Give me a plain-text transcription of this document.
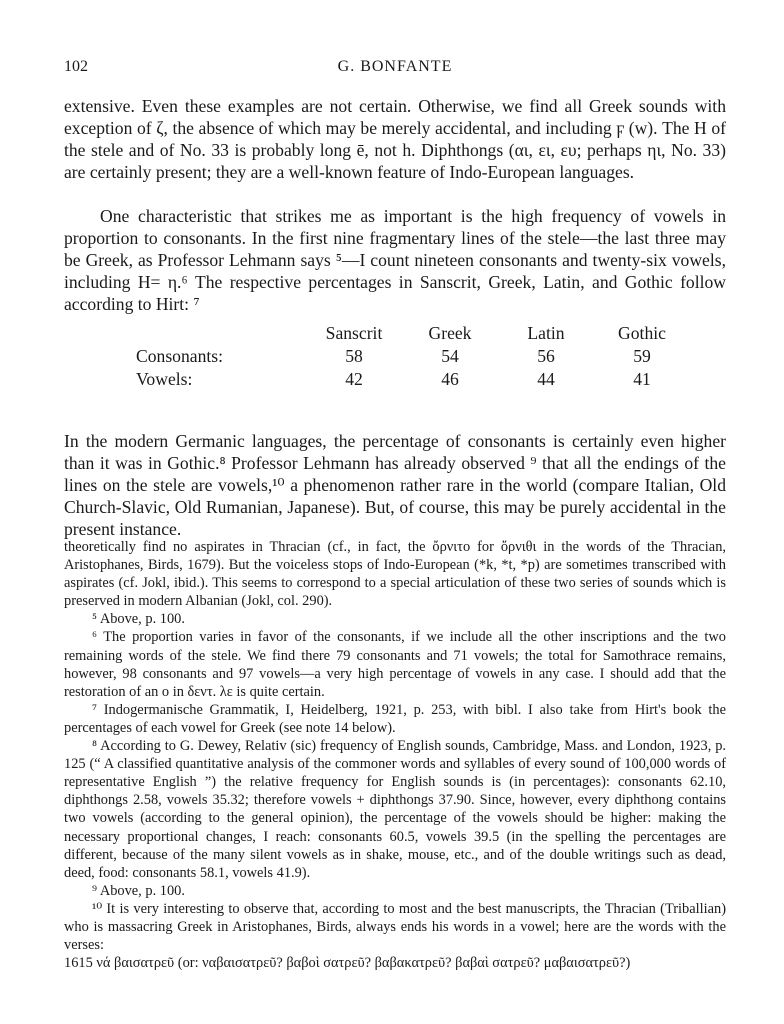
102	G. BONFANTE
extensive. Even these examples are not certain. Otherwise, we find all Greek sounds with exception of ζ, the absence of which may be merely accidental, and including ϝ (w). The H of the stele and of No. 33 is probably long ē, not h. Diphthongs (αι, ει, ευ; perhaps ηι, No. 33) are certainly present; they are a well-known feature of Indo-European languages.
One characteristic that strikes me as important is the high frequency of vowels in proportion to consonants. In the first nine fragmentary lines of the stele—the last three may be Greek, as Professor Lehmann says ⁵—I count nineteen consonants and twenty-six vowels, including H= η.⁶ The respective percentages in Sanscrit, Greek, Latin, and Gothic follow according to Hirt: ⁷
	Sanscrit	Greek	Latin	Gothic
Consonants:	58	54	56	59
Vowels:	42	46	44	41
In the modern Germanic languages, the percentage of consonants is certainly even higher than it was in Gothic.⁸ Professor Lehmann has already observed ⁹ that all the endings of the lines on the stele are vowels,¹⁰ a phenomenon rather rare in the world (compare Italian, Old Church-Slavic, Old Rumanian, Japanese). But, of course, this may be purely accidental in the present instance.

theoretically find no aspirates in Thracian (cf., in fact, the ὄρνιτο for ὄρνιθι in the words of the Thracian, Aristophanes, Birds, 1679). But the voiceless stops of Indo-European (*k, *t, *p) are sometimes transcribed with aspirates (cf. Jokl, ibid.). This seems to correspond to a special articulation of these two series of sounds which is preserved in modern Albanian (Jokl, col. 290).

⁵ Above, p. 100.

⁶ The proportion varies in favor of the consonants, if we include all the other inscriptions and the two remaining words of the stele. We find there 79 consonants and 71 vowels; the total for Samothrace remains, however, 98 consonants and 97 vowels—a very high percentage of vowels in any case. I should add that the restoration of an ο in δεντ. λε is quite certain.

⁷ Indogermanische Grammatik, I, Heidelberg, 1921, p. 253, with bibl. I also take from Hirt's book the percentages of each vowel for Greek (see note 14 below).

⁸ According to G. Dewey, Relativ (sic) frequency of English sounds, Cambridge, Mass. and London, 1923, p. 125 (“ A classified quantitative analysis of the commoner words and syllables of every sound of 100,000 words of representative English ”) the relative frequency for English sounds is (in percentages): consonants 62.10, diphthongs 2.58, vowels 35.32; therefore vowels + diphthongs 37.90. Since, however, every diphthong contains two vowels (according to the general opinion), the percentage of the vowels should be higher: making the necessary proportional changes, I reach: consonants 60.5, vowels 39.5 (in the spelling the percentages are different, because of the many silent vowels as in shake, mouse, etc., and of the double writings such as dead, deed, food: consonants 58.1, vowels 41.9).

⁹ Above, p. 100.

¹⁰ It is very interesting to observe that, according to most and the best manuscripts, the Thracian (Triballian) who is massacring Greek in Aristophanes, Birds, always ends his words in a vowel; here are the words with the verses:

1615 νά βαισατρεῦ (or: ναβαισατρεῦ? βαβοὶ σατρεῦ? βαβακατρεῦ? βαβαὶ σατρεῦ? μαβαισατρεῦ?)
